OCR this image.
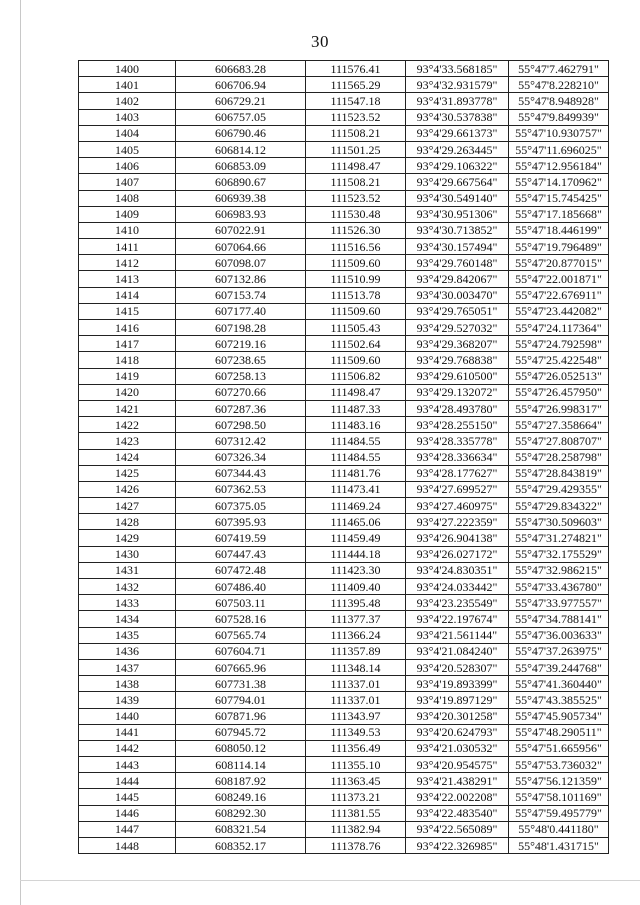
30
1400	606683.28	111576.41	93°4'33.568185"	55°47'7.462791"
1401	606706.94	111565.29	93°4'32.931579"	55°47'8.228210"
1402	606729.21	111547.18	93°4'31.893778"	55°47'8.948928"
1403	606757.05	111523.52	93°4'30.537838"	55°47'9.849939"
1404	606790.46	111508.21	93°4'29.661373"	55°47'10.930757"
1405	606814.12	111501.25	93°4'29.263445"	55°47'11.696025"
1406	606853.09	111498.47	93°4'29.106322"	55°47'12.956184"
1407	606890.67	111508.21	93°4'29.667564"	55°47'14.170962"
1408	606939.38	111523.52	93°4'30.549140"	55°47'15.745425"
1409	606983.93	111530.48	93°4'30.951306"	55°47'17.185668"
1410	607022.91	111526.30	93°4'30.713852"	55°47'18.446199"
1411	607064.66	111516.56	93°4'30.157494"	55°47'19.796489"
1412	607098.07	111509.60	93°4'29.760148"	55°47'20.877015"
1413	607132.86	111510.99	93°4'29.842067"	55°47'22.001871"
1414	607153.74	111513.78	93°4'30.003470"	55°47'22.676911"
1415	607177.40	111509.60	93°4'29.765051"	55°47'23.442082"
1416	607198.28	111505.43	93°4'29.527032"	55°47'24.117364"
1417	607219.16	111502.64	93°4'29.368207"	55°47'24.792598"
1418	607238.65	111509.60	93°4'29.768838"	55°47'25.422548"
1419	607258.13	111506.82	93°4'29.610500"	55°47'26.052513"
1420	607270.66	111498.47	93°4'29.132072"	55°47'26.457950"
1421	607287.36	111487.33	93°4'28.493780"	55°47'26.998317"
1422	607298.50	111483.16	93°4'28.255150"	55°47'27.358664"
1423	607312.42	111484.55	93°4'28.335778"	55°47'27.808707"
1424	607326.34	111484.55	93°4'28.336634"	55°47'28.258798"
1425	607344.43	111481.76	93°4'28.177627"	55°47'28.843819"
1426	607362.53	111473.41	93°4'27.699527"	55°47'29.429355"
1427	607375.05	111469.24	93°4'27.460975"	55°47'29.834322"
1428	607395.93	111465.06	93°4'27.222359"	55°47'30.509603"
1429	607419.59	111459.49	93°4'26.904138"	55°47'31.274821"
1430	607447.43	111444.18	93°4'26.027172"	55°47'32.175529"
1431	607472.48	111423.30	93°4'24.830351"	55°47'32.986215"
1432	607486.40	111409.40	93°4'24.033442"	55°47'33.436780"
1433	607503.11	111395.48	93°4'23.235549"	55°47'33.977557"
1434	607528.16	111377.37	93°4'22.197674"	55°47'34.788141"
1435	607565.74	111366.24	93°4'21.561144"	55°47'36.003633"
1436	607604.71	111357.89	93°4'21.084240"	55°47'37.263975"
1437	607665.96	111348.14	93°4'20.528307"	55°47'39.244768"
1438	607731.38	111337.01	93°4'19.893399"	55°47'41.360440"
1439	607794.01	111337.01	93°4'19.897129"	55°47'43.385525"
1440	607871.96	111343.97	93°4'20.301258"	55°47'45.905734"
1441	607945.72	111349.53	93°4'20.624793"	55°47'48.290511"
1442	608050.12	111356.49	93°4'21.030532"	55°47'51.665956"
1443	608114.14	111355.10	93°4'20.954575"	55°47'53.736032"
1444	608187.92	111363.45	93°4'21.438291"	55°47'56.121359"
1445	608249.16	111373.21	93°4'22.002208"	55°47'58.101169"
1446	608292.30	111381.55	93°4'22.483540"	55°47'59.495779"
1447	608321.54	111382.94	93°4'22.565089"	55°48'0.441180"
1448	608352.17	111378.76	93°4'22.326985"	55°48'1.431715"
